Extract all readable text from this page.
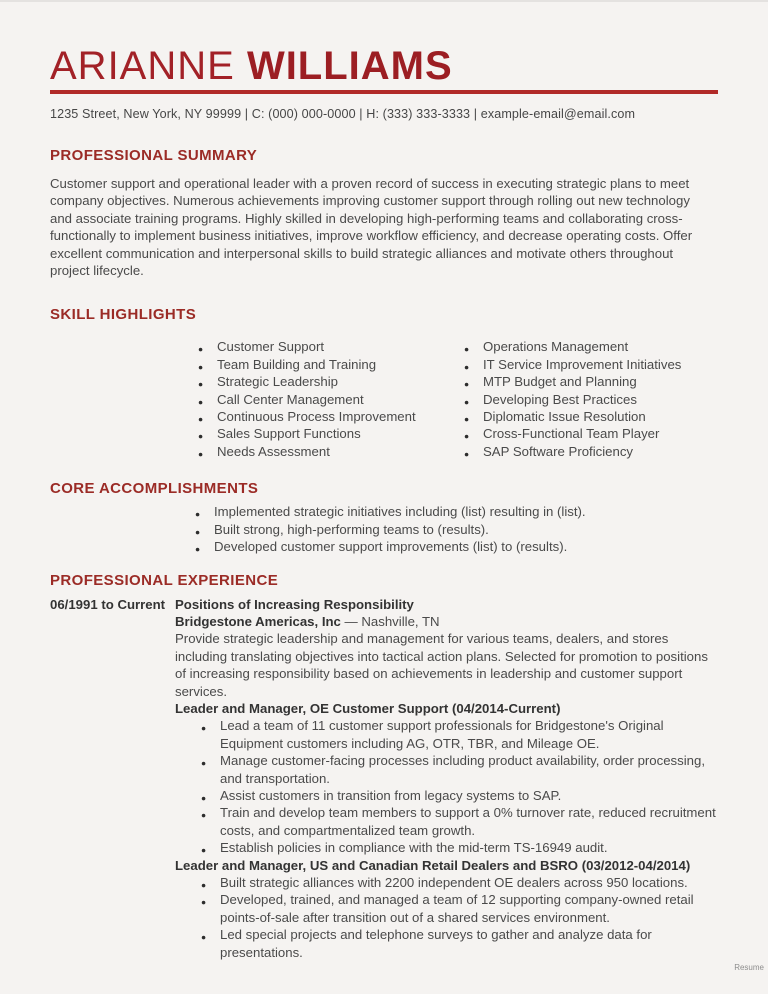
ARIANNE WILLIAMS
1235 Street, New York, NY 99999 | C: (000) 000-0000 | H: (333) 333-3333 | example-email@email.com
PROFESSIONAL SUMMARY

Customer support and operational leader with a proven record of success in executing strategic plans to meet company objectives. Numerous achievements improving customer support through rolling out new technology and associate training programs. Highly skilled in developing high-performing teams and collaborating cross-functionally to implement business initiatives, improve workflow efficiency, and decrease operating costs. Offer excellent communication and interpersonal skills to build strategic alliances and motivate others throughout project lifecycle.

SKILL HIGHLIGHTS
● Customer Support
● Team Building and Training
● Strategic Leadership
● Call Center Management
● Continuous Process Improvement
● Sales Support Functions
● Needs Assessment
● Operations Management
● IT Service Improvement Initiatives
● MTP Budget and Planning
● Developing Best Practices
● Diplomatic Issue Resolution
● Cross-Functional Team Player
● SAP Software Proficiency
CORE ACCOMPLISHMENTS
● Implemented strategic initiatives including (list) resulting in (list).
● Built strong, high-performing teams to (results).
● Developed customer support improvements (list) to (results).
PROFESSIONAL EXPERIENCE
06/1991 to Current Positions of Increasing Responsibility
Bridgestone Americas, Inc — Nashville, TN

Provide strategic leadership and management for various teams, dealers, and stores including translating objectives into tactical action plans. Selected for promotion to positions of increasing responsibility based on achievements in leadership and customer support services.

Leader and Manager, OE Customer Support (04/2014-Current)
● Lead a team of 11 customer support professionals for Bridgestone's Original Equipment customers including AG, OTR, TBR, and Mileage OE.
● Manage customer-facing processes including product availability, order processing, and transportation.
● Assist customers in transition from legacy systems to SAP.
● Train and develop team members to support a 0% turnover rate, reduced recruitment costs, and compartmentalized team growth.
● Establish policies in compliance with the mid-term TS-16949 audit.
Leader and Manager, US and Canadian Retail Dealers and BSRO (03/2012-04/2014)
● Built strategic alliances with 2200 independent OE dealers across 950 locations.
● Developed, trained, and managed a team of 12 supporting company-owned retail points-of-sale after transition out of a shared services environment.
● Led special projects and telephone surveys to gather and analyze data for presentations.
Resume
